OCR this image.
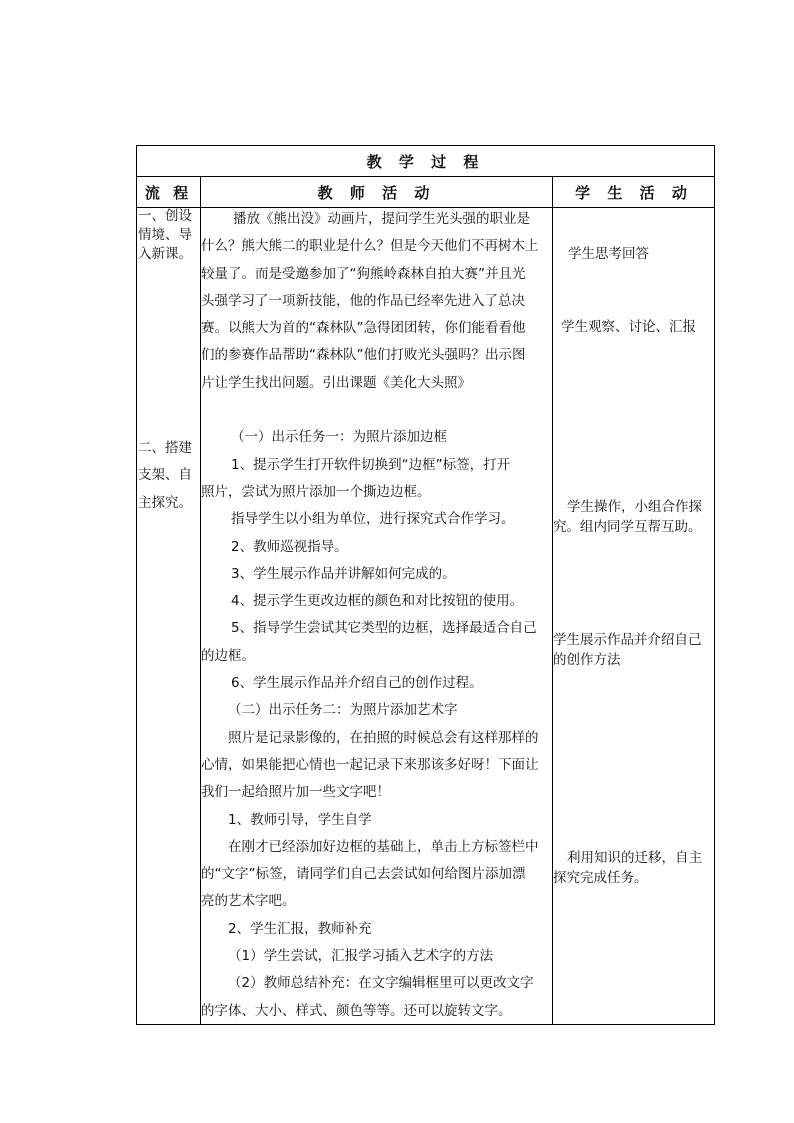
教 学 过 程
流 程	教 师 活 动	学 生 活 动
一、创设
情境、导
入新课。
二、搭建
支架、自
主探究。
播放《熊出没》动画片，提问学生光头强的职业是
什么？熊大熊二的职业是什么？但是今天他们不再树木上
较量了。而是受邀参加了“狗熊岭森林自拍大赛”并且光
头强学习了一项新技能，他的作品已经率先进入了总决
赛。以熊大为首的“森林队”急得团团转，你们能看看他
们的参赛作品帮助“森林队”他们打败光头强吗？出示图
片让学生找出问题。引出课题《美化大头照》
（一）出示任务一：为照片添加边框
1、提示学生打开软件切换到“边框”标签，打开
照片，尝试为照片添加一个撕边边框。
指导学生以小组为单位，进行探究式合作学习。
2、教师巡视指导。
3、学生展示作品并讲解如何完成的。
4、提示学生更改边框的颜色和对比按钮的使用。
5、指导学生尝试其它类型的边框，选择最适合自己
的边框。
6、学生展示作品并介绍自己的创作过程。
（二）出示任务二：为照片添加艺术字
照片是记录影像的，在拍照的时候总会有这样那样的
心情，如果能把心情也一起记录下来那该多好呀！下面让
我们一起给照片加一些文字吧！
1、教师引导，学生自学
在刚才已经添加好边框的基础上，单击上方标签栏中
的“文字”标签，请同学们自己去尝试如何给图片添加漂
亮的艺术字吧。
2、学生汇报，教师补充
（1）学生尝试，汇报学习插入艺术字的方法
（2）教师总结补充：在文字编辑框里可以更改文字
的字体、大小、样式、颜色等等。还可以旋转文字。
学生思考回答
学生观察、讨论、汇报
学生操作，小组合作探
究。组内同学互帮互助。
学生展示作品并介绍自己
的创作方法
利用知识的迁移，自主
探究完成任务。
